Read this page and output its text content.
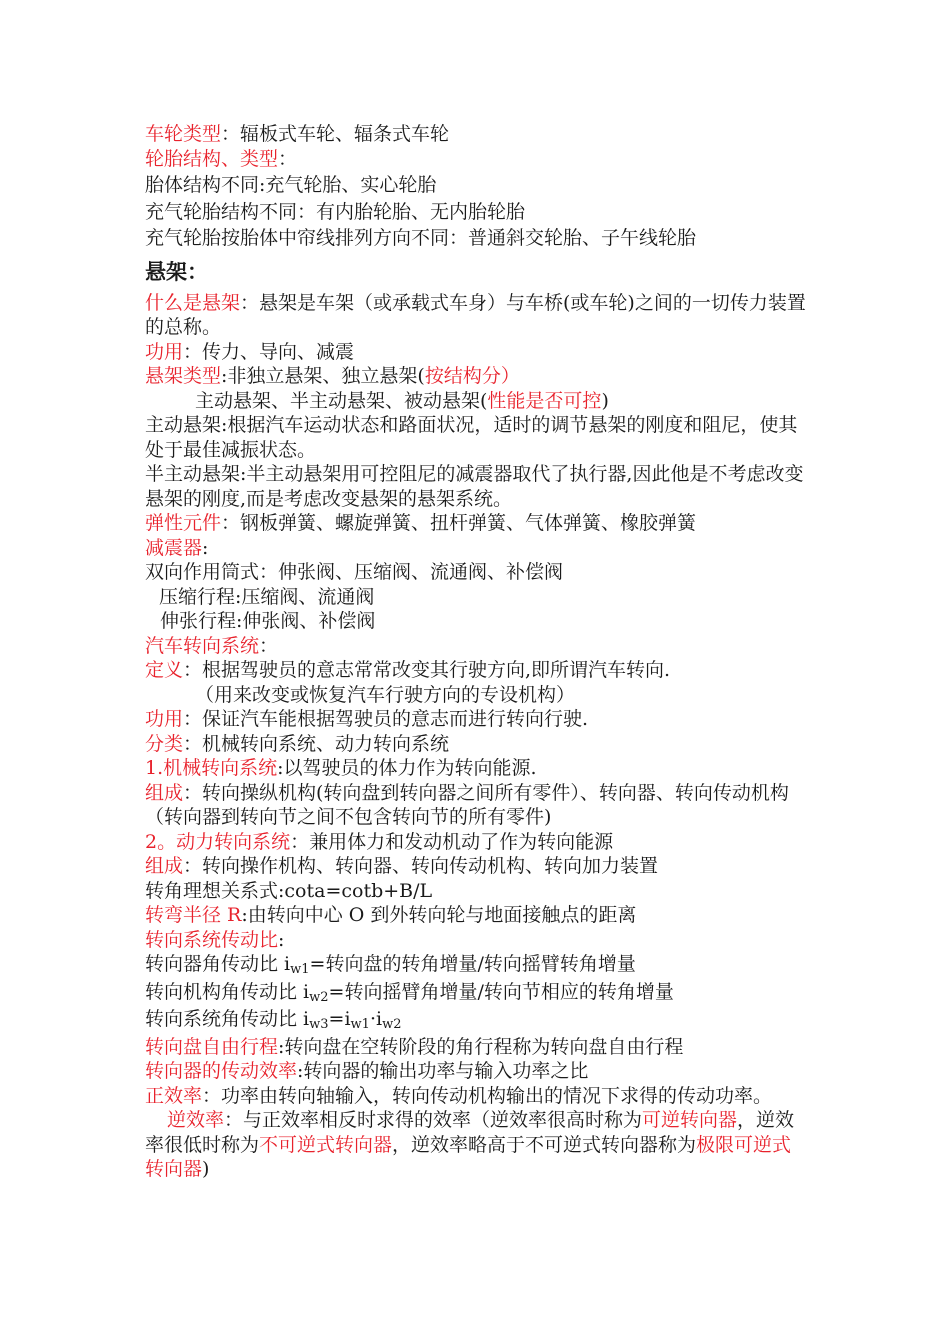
车轮类型：辐板式车轮、辐条式车轮
轮胎结构、类型：
胎体结构不同:充气轮胎、实心轮胎
充气轮胎结构不同：有内胎轮胎、无内胎轮胎
充气轮胎按胎体中帘线排列方向不同：普通斜交轮胎、子午线轮胎
悬架：
什么是悬架：悬架是车架（或承载式车身）与车桥(或车轮)之间的一切传力装置的总称。
功用：传力、导向、减震
悬架类型:非独立悬架、独立悬架(按结构分）
主动悬架、半主动悬架、被动悬架(性能是否可控)
主动悬架:根据汽车运动状态和路面状况，适时的调节悬架的刚度和阻尼，使其处于最佳减振状态。
半主动悬架:半主动悬架用可控阻尼的减震器取代了执行器,因此他是不考虑改变悬架的刚度,而是考虑改变悬架的悬架系统。
弹性元件：钢板弹簧、螺旋弹簧、扭杆弹簧、气体弹簧、橡胶弹簧
减震器:
双向作用筒式：伸张阀、压缩阀、流通阀、补偿阀
压缩行程:压缩阀、流通阀
伸张行程:伸张阀、补偿阀
汽车转向系统：
定义：根据驾驶员的意志常常改变其行驶方向,即所谓汽车转向.
（用来改变或恢复汽车行驶方向的专设机构）
功用：保证汽车能根据驾驶员的意志而进行转向行驶.
分类：机械转向系统、动力转向系统
1.机械转向系统:以驾驶员的体力作为转向能源.
组成：转向操纵机构(转向盘到转向器之间所有零件）、转向器、转向传动机构（转向器到转向节之间不包含转向节的所有零件)
2。动力转向系统：兼用体力和发动机动了作为转向能源
组成：转向操作机构、转向器、转向传动机构、转向加力装置
转角理想关系式:cota=cotb+B/L
转弯半径 R:由转向中心 O 到外转向轮与地面接触点的距离
转向系统传动比:
转向器角传动比 $i_{w1}=$转向盘的转角增量/转向摇臂转角增量
转向机构角传动比 $i_{w2}=$转向摇臂角增量/转向节相应的转角增量
转向系统角传动比 $i_{w3}=i_{w1}\cdot i_{w2}$
转向盘自由行程:转向盘在空转阶段的角行程称为转向盘自由行程
转向器的传动效率:转向器的输出功率与输入功率之比
正效率：功率由转向轴输入，转向传动机构输出的情况下求得的传动功率。
逆效率：与正效率相反时求得的效率（逆效率很高时称为可逆转向器，逆效率很低时称为不可逆式转向器，逆效率略高于不可逆式转向器称为极限可逆式转向器)
